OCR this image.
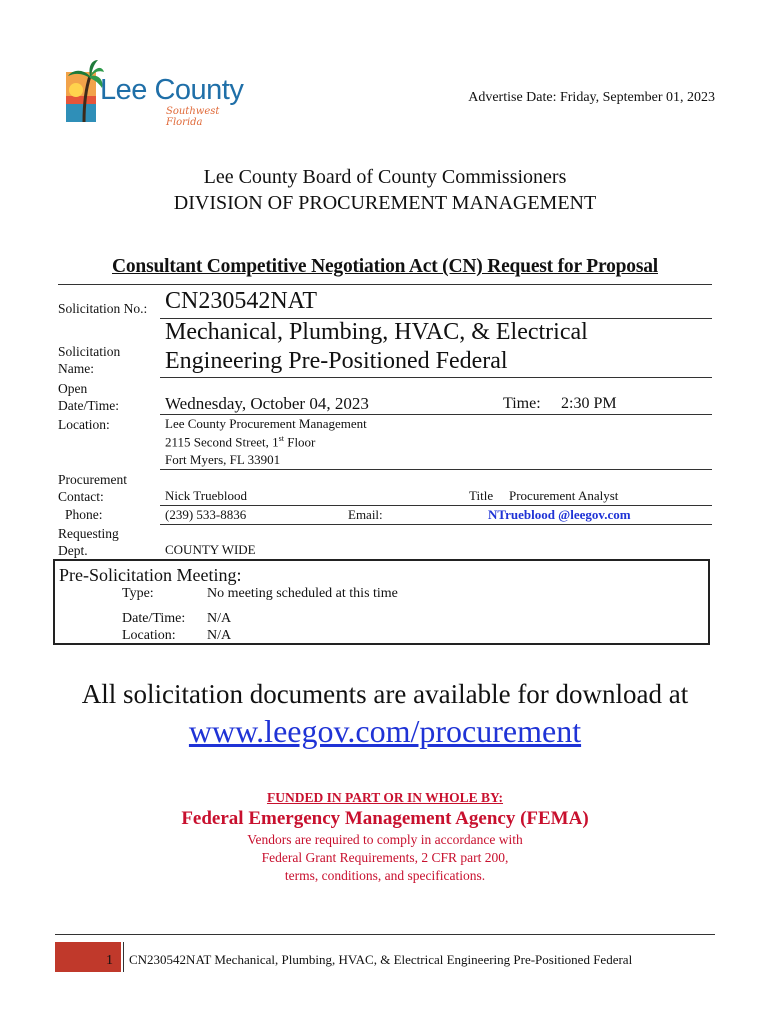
Lee County
Southwest Florida
Advertise Date: Friday, September 01, 2023
Lee County Board of County Commissioners
DIVISION OF PROCUREMENT MANAGEMENT
Consultant Competitive Negotiation Act (CN) Request for Proposal
Solicitation No.: CN230542NAT
Solicitation
Name:
Mechanical, Plumbing, HVAC, & Electrical
Engineering Pre-Positioned Federal
Open
Date/Time:	Wednesday, October 04, 2023	Time: 2:30 PM
Location:	Lee County Procurement Management
2115 Second Street, 1st Floor
Fort Myers, FL 33901
Procurement
Contact:	Nick Trueblood	Title Procurement Analyst
Phone:	(239) 533-8836	Email:	NTrueblood @leegov.com
Requesting
Dept.	COUNTY WIDE
Pre-Solicitation Meeting:
Type:	No meeting scheduled at this time
Date/Time: N/A
Location: N/A
All solicitation documents are available for download at
www.leegov.com/procurement
FUNDED IN PART OR IN WHOLE BY:
Federal Emergency Management Agency (FEMA)
Vendors are required to comply in accordance with
Federal Grant Requirements, 2 CFR part 200,
terms, conditions, and specifications.
1 CN230542NAT Mechanical, Plumbing, HVAC, & Electrical Engineering Pre-Positioned Federal
